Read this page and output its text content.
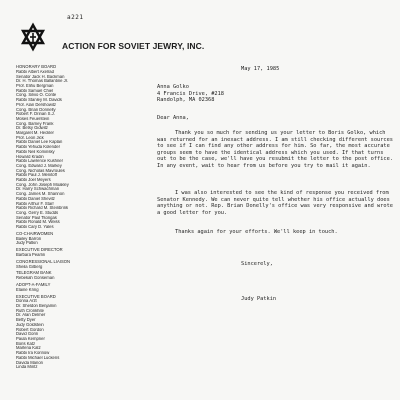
a221
ACTION FOR SOVIET JEWRY, INC.
HONORARY BOARD
Rabbi Albert Axelrad
Senator Jack H. Backman
Dr. H. Thomas Ballantine Jr.
Prof. Elihu Bergman
Rabbi Samuel Chiel
Cong. Silvio O. Conte
Rabbi Stanley M. Davids
Prof. Alan Dershowitz
Cong. Brian Donnelly
Robert F. Drinan S.J.
Moses Feuerstein
Cong. Barney Frank
Dr. Betsy Gidwitz
Margaret M. Heckler
Prof. Leon Jick
Rabbi Daniel Lee Kaplan
Rabbi Yehuda Kolender
Rabbi Neil Kominsky
Howard Kradin
Rabbi Lawrence Kushner
Cong. Edward J. Markey
Cong. Nicholas Mavroules
Rabbi Paul J. Menitoff
Rabbi Joel Meyers
Cong. John Joseph Moakley
Dr. Harry Schwachman
Cong. James M. Shannon
Rabbi Daniel Shevitz
Rabbi Arthur F. Starr
Rabbi Richard M. Steinbrink
Cong. Gerry E. Studds
Senator Paul Tsongas
Rabbi Ronald M. Weiss
Rabbi Cary D. Yales
CO-CHAIRWOMEN
Bailey Barron
Judy Patkin
EXECUTIVE DIRECTOR
Barbara Pearlin
CONGRESSIONAL LIAISON
Sheila Gilberg
TELEGRAM BANK
Rebekah Gonseman
ADOPT-A-FAMILY
Elaine Kring
EXECUTIVE BOARD
Donna Arzt
Dr. Sheldon Benjamin
Ruth Cronkhite
Dr. Alan Delmer
Betty Dyer
Judy Goldstein
Robert Gordon
David Gorin
Paula Kempner
Boris Katz
Marlena Katz
Rabbi Ira Korinow
Rabbi Michael Luckens
Davida Manon
Linda Mintz
May 17, 1985
Anna Golko
4 Francis Drive, #218
Randolph, MA 02368
Dear Anna,
Thank you so much for sending us your letter to Boris Golko, which was returned for an inexact address. I am still checking different sources to see if I can find any other address for him. So far, the most accurate groups seem to have the identical address which you used. If that turns out to be the case, we'll have you resubmit the letter to the post office. In any event, wait to hear from us before you try to mail it again.
I was also interested to see the kind of response you received from Senator Kennedy. We can never quite tell whether his office actually does anything or not. Rep. Brian Donelly's office was very responsive and wrote a good letter for you.
Thanks again for your efforts. We'll keep in touch.
Sincerely,
Judy Patkin
